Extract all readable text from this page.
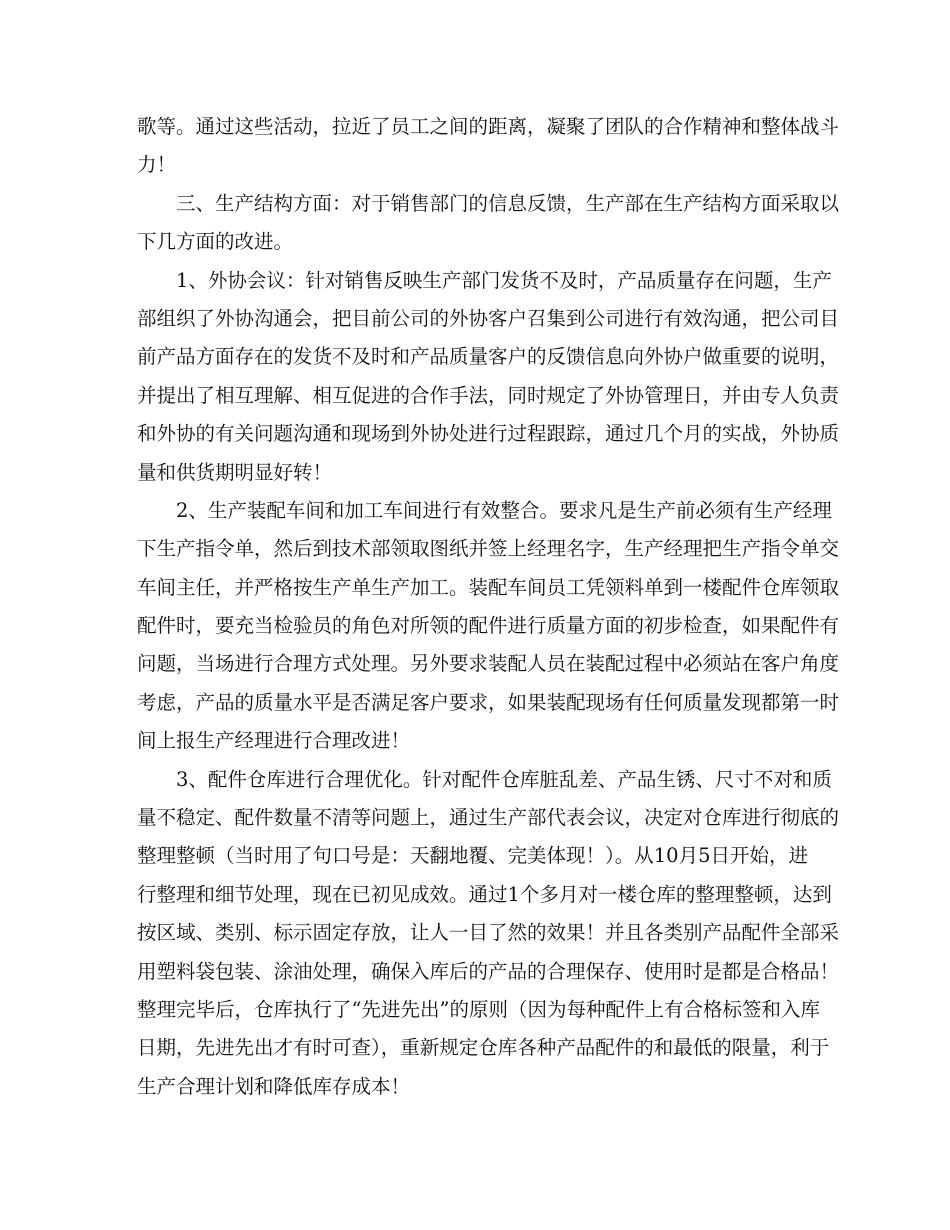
歌等。通过这些活动，拉近了员工之间的距离，凝聚了团队的合作精神和整体战斗
力！
三、生产结构方面：对于销售部门的信息反馈，生产部在生产结构方面采取以
下几方面的改进。
1、外协会议：针对销售反映生产部门发货不及时，产品质量存在问题，生产
部组织了外协沟通会，把目前公司的外协客户召集到公司进行有效沟通，把公司目
前产品方面存在的发货不及时和产品质量客户的反馈信息向外协户做重要的说明，
并提出了相互理解、相互促进的合作手法，同时规定了外协管理日，并由专人负责
和外协的有关问题沟通和现场到外协处进行过程跟踪，通过几个月的实战，外协质
量和供货期明显好转！
2、生产装配车间和加工车间进行有效整合。要求凡是生产前必须有生产经理
下生产指令单，然后到技术部领取图纸并签上经理名字，生产经理把生产指令单交
车间主任，并严格按生产单生产加工。装配车间员工凭领料单到一楼配件仓库领取
配件时，要充当检验员的角色对所领的配件进行质量方面的初步检查，如果配件有
问题，当场进行合理方式处理。另外要求装配人员在装配过程中必须站在客户角度
考虑，产品的质量水平是否满足客户要求，如果装配现场有任何质量发现都第一时
间上报生产经理进行合理改进！
3、配件仓库进行合理优化。针对配件仓库脏乱差、产品生锈、尺寸不对和质
量不稳定、配件数量不清等问题上，通过生产部代表会议，决定对仓库进行彻底的
整理整顿（当时用了句口号是：天翻地覆、完美体现！）。从10月5日开始，进
行整理和细节处理，现在已初见成效。通过1个多月对一楼仓库的整理整顿，达到
按区域、类别、标示固定存放，让人一目了然的效果！并且各类别产品配件全部采
用塑料袋包装、涂油处理，确保入库后的产品的合理保存、使用时是都是合格品！
整理完毕后，仓库执行了“先进先出”的原则（因为每种配件上有合格标签和入库
日期，先进先出才有时可查），重新规定仓库各种产品配件的和最低的限量，利于
生产合理计划和降低库存成本！
